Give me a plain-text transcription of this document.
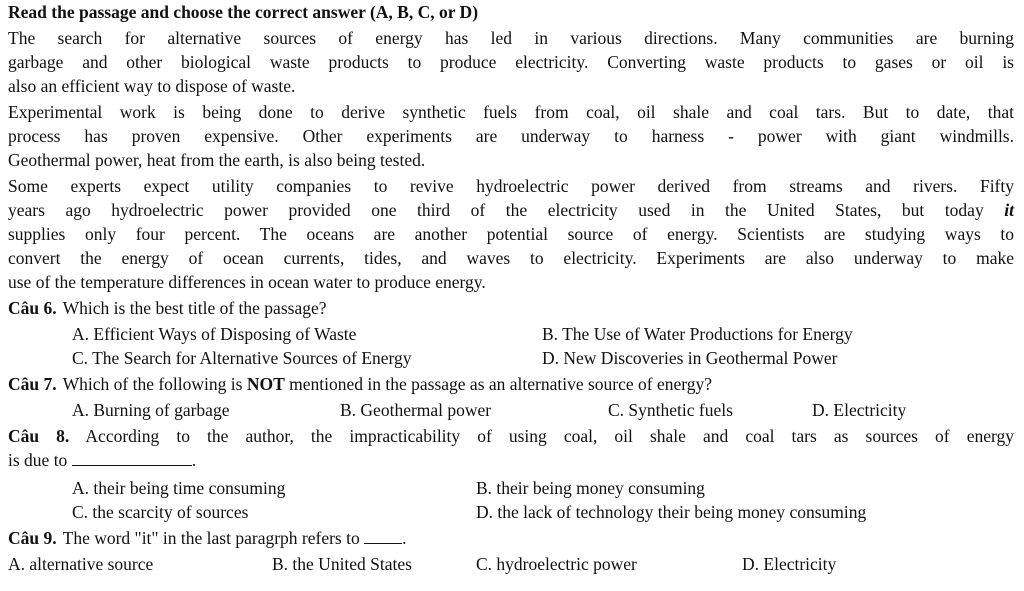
Read the passage and choose the correct answer (A, B, C, or D)
The search for alternative sources of energy has led in various directions. Many communities are burning
garbage and other biological waste products to produce electricity. Converting waste products to gases or oil is
also an efficient way to dispose of waste.
Experimental work is being done to derive synthetic fuels from coal, oil shale and coal tars. But to date, that
process has proven expensive. Other experiments are underway to harness - power with giant windmills.
Geothermal power, heat from the earth, is also being tested.
Some experts expect utility companies to revive hydroelectric power derived from streams and rivers. Fifty
years ago hydroelectric power provided one third of the electricity used in the United States, but today it
supplies only four percent. The oceans are another potential source of energy. Scientists are studying ways to
convert the energy of ocean currents, tides, and waves to electricity. Experiments are also underway to make
use of the temperature differences in ocean water to produce energy.
Câu 6. Which is the best title of the passage?
A. Efficient Ways of Disposing of Waste	B. The Use of Water Productions for Energy
C. The Search for Alternative Sources of Energy	D. New Discoveries in Geothermal Power
Câu 7. Which of the following is NOT mentioned in the passage as an alternative source of energy?
A. Burning of garbage	B. Geothermal power	C. Synthetic fuels	D. Electricity
Câu 8. According to the author, the impracticability of using coal, oil shale and coal tars as sources of energy
is due to	.
A. their being time consuming	B. their being money consuming
C. the scarcity of sources	D. the lack of technology their being money consuming
Câu 9. The word "it" in the last paragrph refers to .
A. alternative source	B. the United States	C. hydroelectric power	D. Electricity
